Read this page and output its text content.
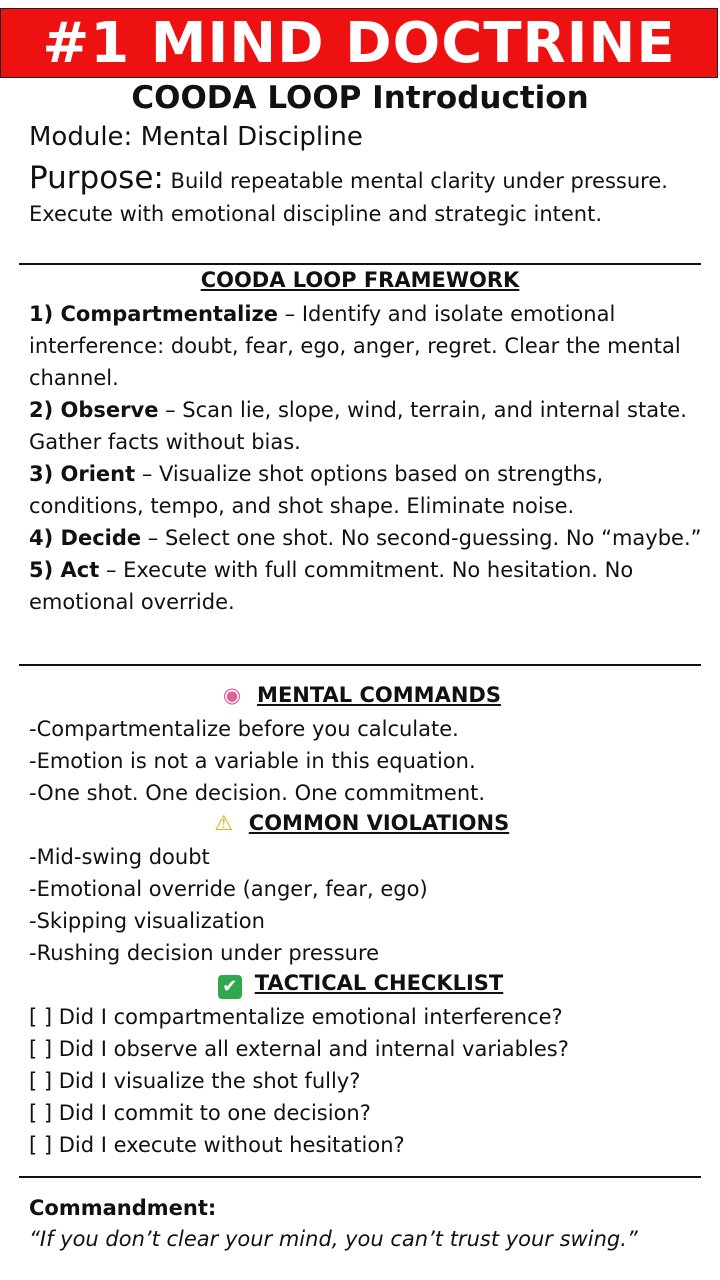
#1 MIND DOCTRINE
COODA LOOP Introduction
Module: Mental Discipline
Purpose: Build repeatable mental clarity under pressure. Execute with emotional discipline and strategic intent.
COODA LOOP FRAMEWORK

1) Compartmentalize – Identify and isolate emotional interference: doubt, fear, ego, anger, regret. Clear the mental channel.

2) Observe – Scan lie, slope, wind, terrain, and internal state. Gather facts without bias.

3) Orient – Visualize shot options based on strengths, conditions, tempo, and shot shape. Eliminate noise.

4) Decide – Select one shot. No second-guessing. No “maybe.”

5) Act – Execute with full commitment. No hesitation. No emotional override.

◉ MENTAL COMMANDS

-Compartmentalize before you calculate.

-Emotion is not a variable in this equation.

-One shot. One decision. One commitment.

⚠ COMMON VIOLATIONS

-Mid-swing doubt

-Emotional override (anger, fear, ego)

-Skipping visualization

-Rushing decision under pressure

✔ TACTICAL CHECKLIST

[ ] Did I compartmentalize emotional interference?

[ ] Did I observe all external and internal variables?

[ ] Did I visualize the shot fully?

[ ] Did I commit to one decision?

[ ] Did I execute without hesitation?

Commandment:
“If you don’t clear your mind, you can’t trust your swing.”
